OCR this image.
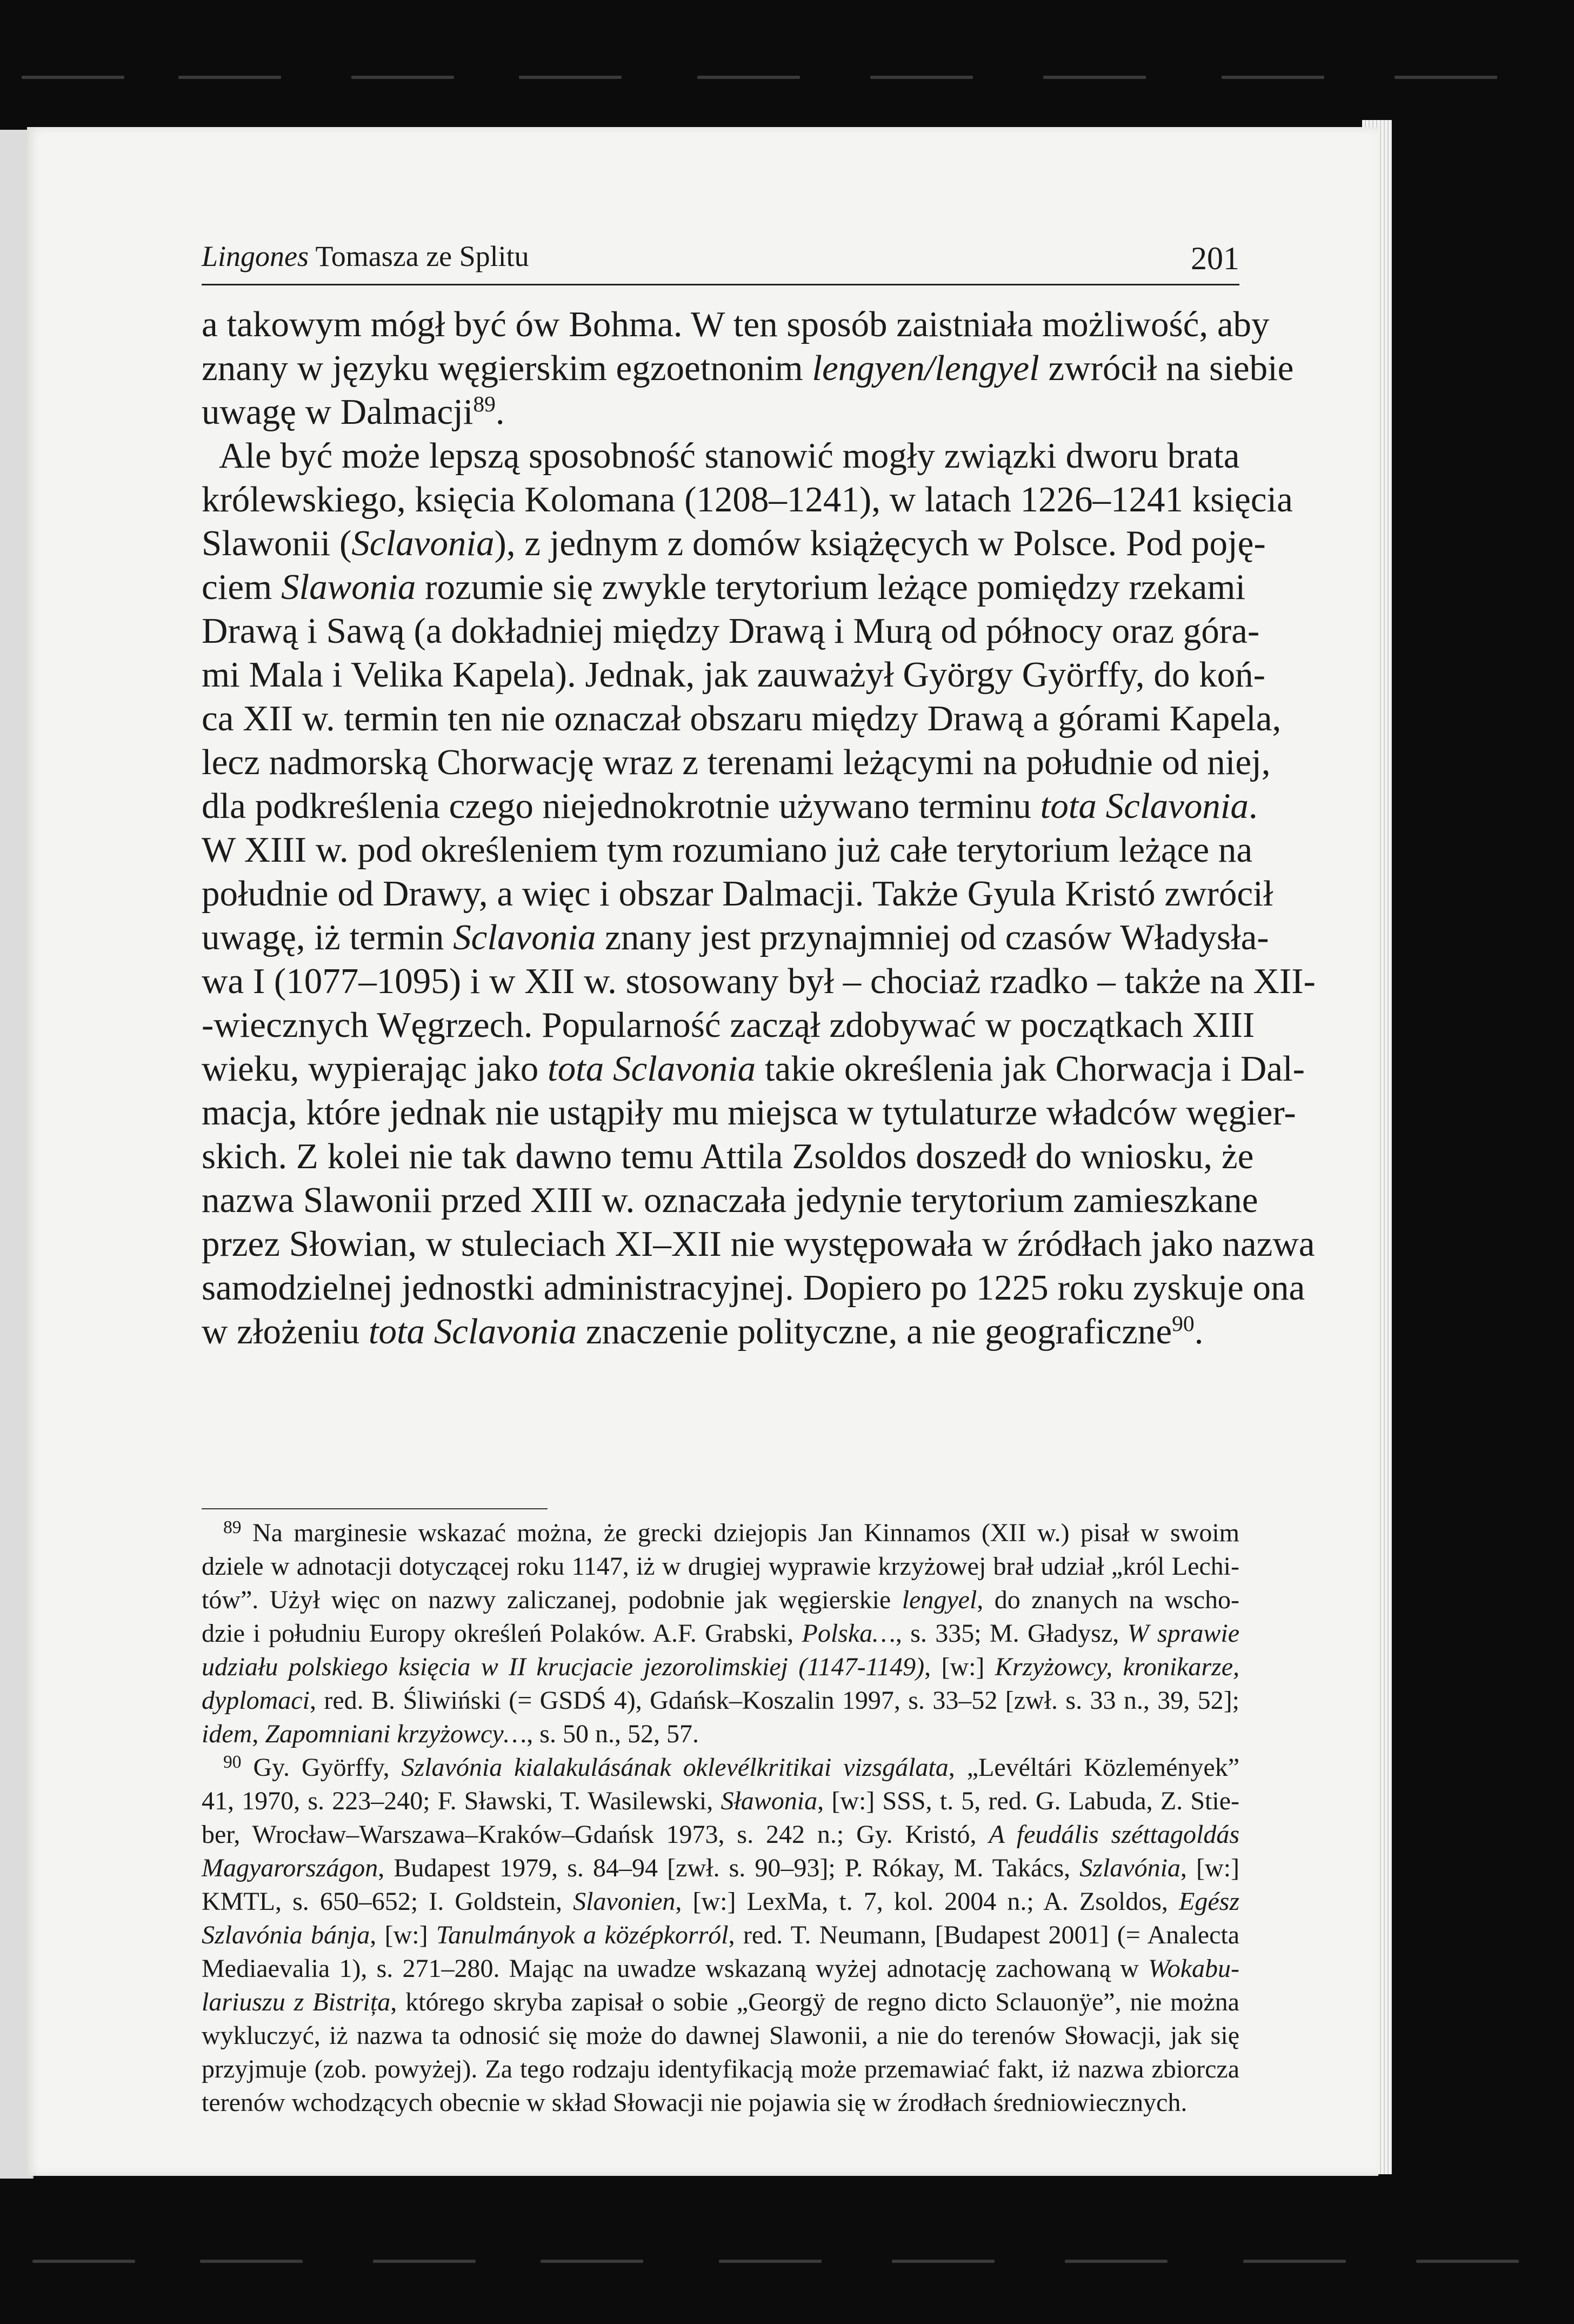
Lingones Tomasza ze Splitu	201
a takowym mógł być ów Bohma. W ten sposób zaistniała możliwość, aby
znany w języku węgierskim egzoetnonim lengyen/lengyel zwrócił na siebie
uwagę w Dalmacji$^{89}$.
Ale być może lepszą sposobność stanowić mogły związki dworu brata
królewskiego, księcia Kolomana (1208–1241), w latach 1226–1241 księcia
Slawonii (Sclavonia), z jednym z domów książęcych w Polsce. Pod poję-
ciem Slawonia rozumie się zwykle terytorium leżące pomiędzy rzekami
Drawą i Sawą (a dokładniej między Drawą i Murą od północy oraz góra-
mi Mala i Velika Kapela). Jednak, jak zauważył György Györffy, do koń-
ca XII w. termin ten nie oznaczał obszaru między Drawą a górami Kapela,
lecz nadmorską Chorwację wraz z terenami leżącymi na południe od niej,
dla podkreślenia czego niejednokrotnie używano terminu tota Sclavonia.
W XIII w. pod określeniem tym rozumiano już całe terytorium leżące na
południe od Drawy, a więc i obszar Dalmacji. Także Gyula Kristó zwrócił
uwagę, iż termin Sclavonia znany jest przynajmniej od czasów Władysła-
wa I (1077–1095) i w XII w. stosowany był – chociaż rzadko – także na XII-
-wiecznych Węgrzech. Popularność zaczął zdobywać w początkach XIII
wieku, wypierając jako tota Sclavonia takie określenia jak Chorwacja i Dal-
macja, które jednak nie ustąpiły mu miejsca w tytulaturze władców węgier-
skich. Z kolei nie tak dawno temu Attila Zsoldos doszedł do wniosku, że
nazwa Slawonii przed XIII w. oznaczała jedynie terytorium zamieszkane
przez Słowian, w stuleciach XI–XII nie występowała w źródłach jako nazwa
samodzielnej jednostki administracyjnej. Dopiero po 1225 roku zyskuje ona
w złożeniu tota Sclavonia znaczenie polityczne, a nie geograficzne$^{90}$.
$^{89}$ Na marginesie wskazać można, że grecki dziejopis Jan Kinnamos (XII w.) pisał w swoim
dziele w adnotacji dotyczącej roku 1147, iż w drugiej wyprawie krzyżowej brał udział „król Lechi-
tów”. Użył więc on nazwy zaliczanej, podobnie jak węgierskie lengyel, do znanych na wscho-
dzie i południu Europy określeń Polaków. A.F. Grabski, Polska…, s. 335; M. Gładysz, W sprawie
udziału polskiego księcia w II krucjacie jezorolimskiej (1147-1149), [w:] Krzyżowcy, kronikarze,
dyplomaci, red. B. Śliwiński (= GSDŚ 4), Gdańsk–Koszalin 1997, s. 33–52 [zwł. s. 33 n., 39, 52];
idem, Zapomniani krzyżowcy…, s. 50 n., 52, 57.
$^{90}$ Gy. Györffy, Szlavónia kialakulásának oklevélkritikai vizsgálata, „Levéltári Közlemények”
41, 1970, s. 223–240; F. Sławski, T. Wasilewski, Sławonia, [w:] SSS, t. 5, red. G. Labuda, Z. Stie-
ber, Wrocław–Warszawa–Kraków–Gdańsk 1973, s. 242 n.; Gy. Kristó, A feudális széttagoldás
Magyarországon, Budapest 1979, s. 84–94 [zwł. s. 90–93]; P. Rókay, M. Takács, Szlavónia, [w:]
KMTL, s. 650–652; I. Goldstein, Slavonien, [w:] LexMa, t. 7, kol. 2004 n.; A. Zsoldos, Egész
Szlavónia bánja, [w:] Tanulmányok a középkorról, red. T. Neumann, [Budapest 2001] (= Analecta
Mediaevalia 1), s. 271–280. Mając na uwadze wskazaną wyżej adnotację zachowaną w Wokabu-
lariuszu z Bistrița, którego skryba zapisał o sobie „Georgÿ de regno dicto Sclauonÿe”, nie można
wykluczyć, iż nazwa ta odnosić się może do dawnej Slawonii, a nie do terenów Słowacji, jak się
przyjmuje (zob. powyżej). Za tego rodzaju identyfikacją może przemawiać fakt, iż nazwa zbiorcza
terenów wchodzących obecnie w skład Słowacji nie pojawia się w źrodłach średniowiecznych.
